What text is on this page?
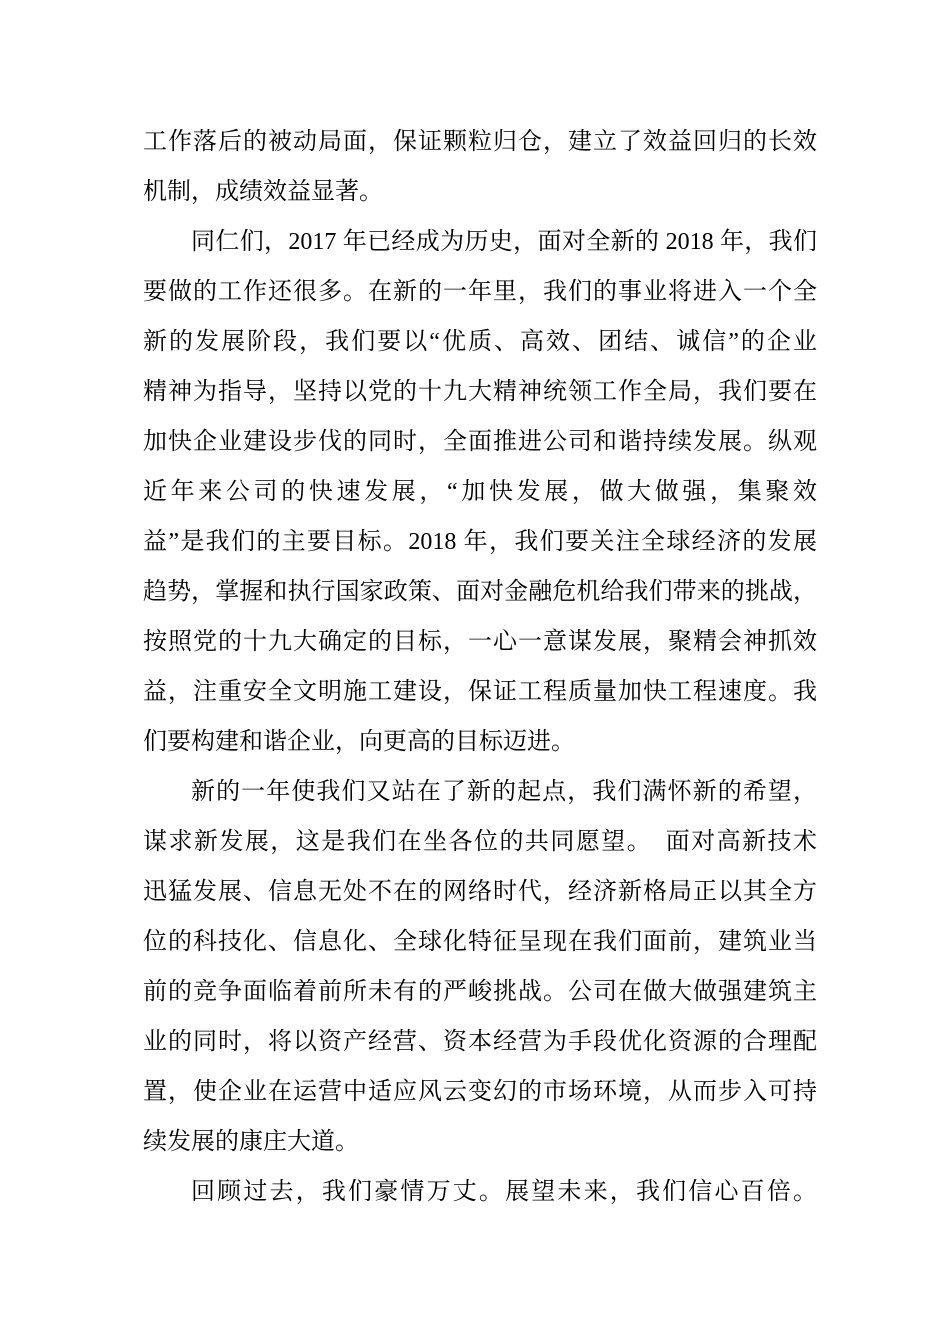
工作落后的被动局面，保证颗粒归仓，建立了效益回归的长效
机制，成绩效益显著。
同仁们，2017 年已经成为历史，面对全新的 2018 年，我们
要做的工作还很多。在新的一年里，我们的事业将进入一个全
新的发展阶段，我们要以“优质、高效、团结、诚信”的企业
精神为指导，坚持以党的十九大精神统领工作全局，我们要在
加快企业建设步伐的同时，全面推进公司和谐持续发展。纵观
近年来公司的快速发展，“加快发展，做大做强，集聚效
益”是我们的主要目标。2018 年，我们要关注全球经济的发展
趋势，掌握和执行国家政策、面对金融危机给我们带来的挑战，
按照党的十九大确定的目标，一心一意谋发展，聚精会神抓效
益，注重安全文明施工建设，保证工程质量加快工程速度。我
们要构建和谐企业，向更高的目标迈进。
新的一年使我们又站在了新的起点，我们满怀新的希望，
谋求新发展，这是我们在坐各位的共同愿望。　面对高新技术
迅猛发展、信息无处不在的网络时代，经济新格局正以其全方
位的科技化、信息化、全球化特征呈现在我们面前，建筑业当
前的竞争面临着前所未有的严峻挑战。公司在做大做强建筑主
业的同时，将以资产经营、资本经营为手段优化资源的合理配
置，使企业在运营中适应风云变幻的市场环境，从而步入可持
续发展的康庄大道。
回顾过去，我们豪情万丈。展望未来，我们信心百倍。
